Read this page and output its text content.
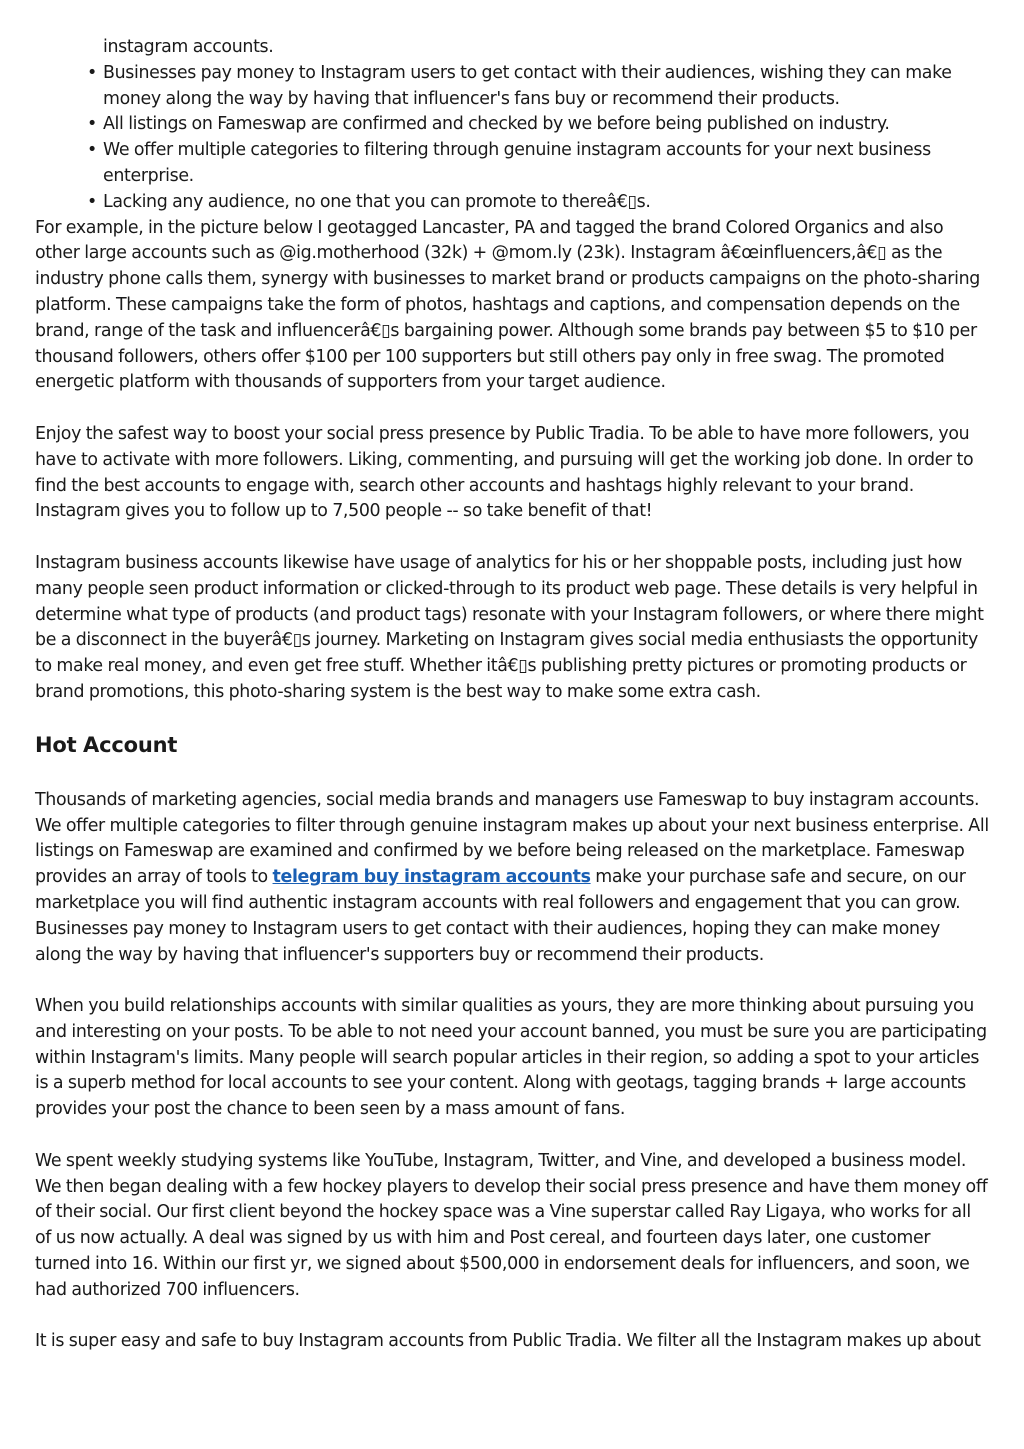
instagram accounts.
• Businesses pay money to Instagram users to get contact with their audiences, wishing they can make money along the way by having that influencer's fans buy or recommend their products.
• All listings on Fameswap are confirmed and checked by we before being published on industry.
• We offer multiple categories to filtering through genuine instagram accounts for your next business enterprise.
• Lacking any audience, no one that you can promote to thereâ€▯s.

For example, in the picture below I geotagged Lancaster, PA and tagged the brand Colored Organics and also other large accounts such as @ig.motherhood (32k) + @mom.ly (23k). Instagram â€œinfluencers,â€▯ as the industry phone calls them, synergy with businesses to market brand or products campaigns on the photo-sharing platform. These campaigns take the form of photos, hashtags and captions, and compensation depends on the brand, range of the task and influencerâ€▯s bargaining power. Although some brands pay between $5 to $10 per thousand followers, others offer $100 per 100 supporters but still others pay only in free swag. The promoted energetic platform with thousands of supporters from your target audience.

Enjoy the safest way to boost your social press presence by Public Tradia. To be able to have more followers, you have to activate with more followers. Liking, commenting, and pursuing will get the working job done. In order to find the best accounts to engage with, search other accounts and hashtags highly relevant to your brand. Instagram gives you to follow up to 7,500 people -- so take benefit of that!

Instagram business accounts likewise have usage of analytics for his or her shoppable posts, including just how many people seen product information or clicked-through to its product web page. These details is very helpful in determine what type of products (and product tags) resonate with your Instagram followers, or where there might be a disconnect in the buyerâ€▯s journey. Marketing on Instagram gives social media enthusiasts the opportunity to make real money, and even get free stuff. Whether itâ€▯s publishing pretty pictures or promoting products or brand promotions, this photo-sharing system is the best way to make some extra cash.

Hot Account

Thousands of marketing agencies, social media brands and managers use Fameswap to buy instagram accounts. We offer multiple categories to filter through genuine instagram makes up about your next business enterprise. All listings on Fameswap are examined and confirmed by we before being released on the marketplace. Fameswap provides an array of tools to telegram buy instagram accounts make your purchase safe and secure, on our marketplace you will find authentic instagram accounts with real followers and engagement that you can grow. Businesses pay money to Instagram users to get contact with their audiences, hoping they can make money along the way by having that influencer's supporters buy or recommend their products.

When you build relationships accounts with similar qualities as yours, they are more thinking about pursuing you and interesting on your posts. To be able to not need your account banned, you must be sure you are participating within Instagram's limits. Many people will search popular articles in their region, so adding a spot to your articles is a superb method for local accounts to see your content. Along with geotags, tagging brands + large accounts provides your post the chance to been seen by a mass amount of fans.

We spent weekly studying systems like YouTube, Instagram, Twitter, and Vine, and developed a business model. We then began dealing with a few hockey players to develop their social press presence and have them money off of their social. Our first client beyond the hockey space was a Vine superstar called Ray Ligaya, who works for all of us now actually. A deal was signed by us with him and Post cereal, and fourteen days later, one customer turned into 16. Within our first yr, we signed about $500,000 in endorsement deals for influencers, and soon, we had authorized 700 influencers.

It is super easy and safe to buy Instagram accounts from Public Tradia. We filter all the Instagram makes up about
